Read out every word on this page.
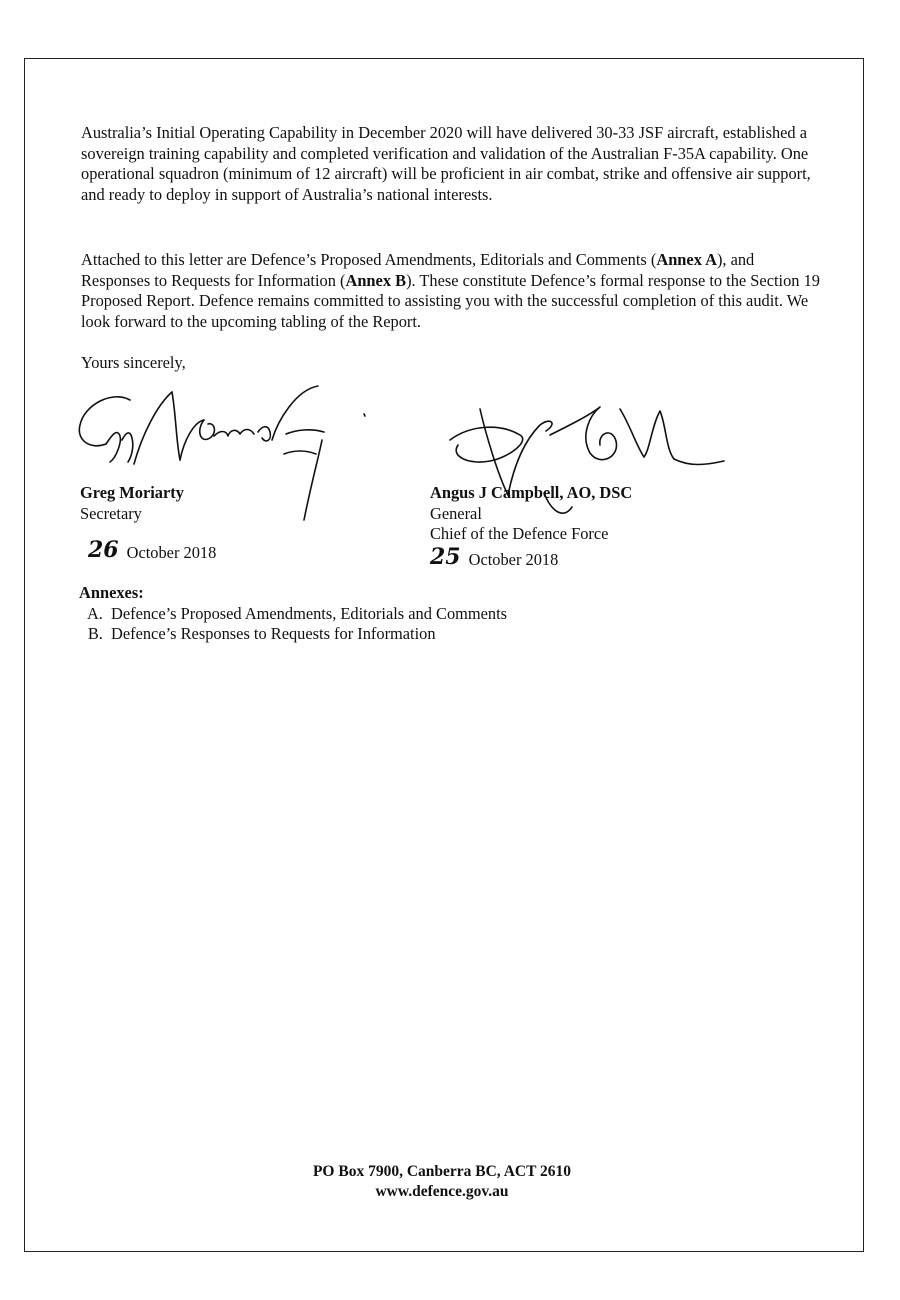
Australia’s Initial Operating Capability in December 2020 will have delivered 30-33 JSF aircraft, established a sovereign training capability and completed verification and validation of the Australian F-35A capability. One operational squadron (minimum of 12 aircraft) will be proficient in air combat, strike and offensive air support, and ready to deploy in support of Australia’s national interests.

Attached to this letter are Defence’s Proposed Amendments, Editorials and Comments (Annex A), and Responses to Requests for Information (Annex B). These constitute Defence’s formal response to the Section 19 Proposed Report. Defence remains committed to assisting you with the successful completion of this audit. We look forward to the upcoming tabling of the Report.

Yours sincerely,

Greg Moriarty
Secretary
26 October 2018
Angus J Campbell, AO, DSC
General
Chief of the Defence Force
25 October 2018
Annexes:
A. Defence’s Proposed Amendments, Editorials and Comments
B. Defence’s Responses to Requests for Information
PO Box 7900, Canberra BC, ACT 2610
www.defence.gov.au
